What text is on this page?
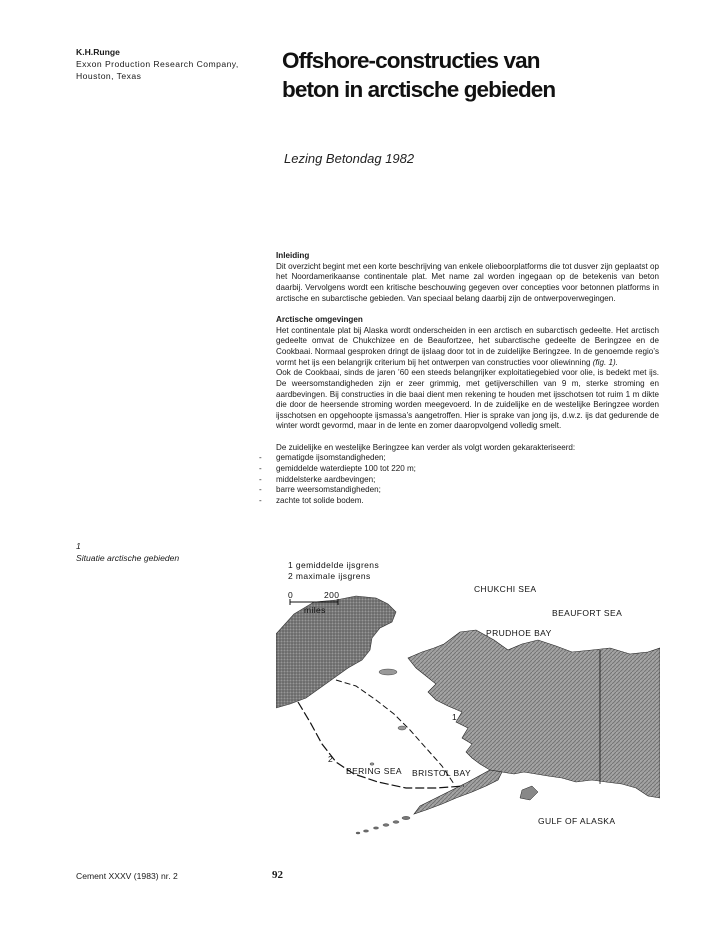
K.H.Runge
Exxon Production Research Company,
Houston, Texas
Offshore-constructies van
beton in arctische gebieden

Lezing Betondag 1982

Inleiding

Dit overzicht begint met een korte beschrijving van enkele olieboorplatforms die tot dusver zijn geplaatst op het Noordamerikaanse continentale plat. Met name zal worden ingegaan op de betekenis van beton daarbij. Vervolgens wordt een kritische beschouwing gegeven over concepties voor betonnen platforms in arctische en subarctische gebieden. Van speciaal belang daarbij zijn de ontwerpoverwegingen.

Arctische omgevingen

Het continentale plat bij Alaska wordt onderscheiden in een arctisch en subarctisch gedeelte. Het arctisch gedeelte omvat de Chukchizee en de Beaufortzee, het subarctische gedeelte de Beringzee en de Cookbaai. Normaal gesproken dringt de ijslaag door tot in de zuidelijke Beringzee. In de genoemde regio’s vormt het ijs een belangrijk criterium bij het ontwerpen van constructies voor oliewinning (fig. 1).

Ook de Cookbaai, sinds de jaren ’60 een steeds belangrijker exploitatiegebied voor olie, is bedekt met ijs. De weersomstandigheden zijn er zeer grimmig, met getijverschillen van 9 m, sterke stroming en aardbevingen. Bij constructies in die baai dient men rekening te houden met ijsschotsen tot ruim 1 m dikte die door de heersende stroming worden meegevoerd. In de zuidelijke en de westelijke Beringzee worden ijsschotsen en opgehoopte ijsmassa’s aangetroffen. Hier is sprake van jong ijs, d.w.z. ijs dat gedurende de winter wordt gevormd, maar in de lente en zomer daaropvolgend volledig smelt.

De zuidelijke en westelijke Beringzee kan verder als volgt worden gekarakteriseerd:

- gematigde ijsomstandigheden;
- gemiddelde waterdiepte 100 tot 220 m;
- middelsterke aardbevingen;
- barre weersomstandigheden;
- zachte tot solide bodem.
1
Situatie arctische gebieden
1
2
1 gemiddelde ijsgrens
2 maximale ijsgrens
0	200
miles
CHUKCHI SEA
BEAUFORT SEA
PRUDHOE BAY
BERING SEA BRISTOL BAY
GULF OF ALASKA
Cement XXXV (1983) nr. 2	92
